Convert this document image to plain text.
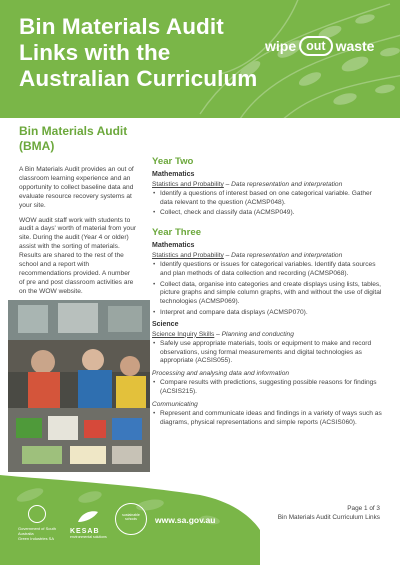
Bin Materials Audit Links with the Australian Curriculum
wipe out waste
Bin Materials Audit (BMA)

A Bin Materials Audit provides an out of classroom learning experience and an opportunity to collect baseline data and evaluate resource recovery systems at your site.

WOW audit staff work with students to audit a days' worth of material from your site. During the audit (Year 4 or older) assist with the sorting of materials. Results are shared to the rest of the school and a report with recommendations provided. A number of pre and post classroom activities are on the WOW website.

Year Two
Mathematics
Statistics and Probability – Data representation and interpretation
• Identify a questions of interest based on one categorical variable. Gather data relevant to the question (ACMSP048).
• Collect, check and classify data (ACMSP049).
Year Three
Mathematics
Statistics and Probability – Data representation and interpretation
• Identify questions or issues for categorical variables. Identify data sources and plan methods of data collection and recording (ACMSP068).
• Collect data, organise into categories and create displays using lists, tables, picture graphs and simple column graphs, with and without the use of digital technologies (ACMSP069).
• Interpret and compare data displays (ACMSP070).
Science
Science Inquiry Skills – Planning and conducting
• Safely use appropriate materials, tools or equipment to make and record observations, using formal measurements and digital technologies as appropriate (ACSIS055).
Processing and analysing data and information
• Compare results with predictions, suggesting possible reasons for findings (ACSIS215).
Communicating
• Represent and communicate ideas and findings in a variety of ways such as diagrams, physical representations and simple reports (ACSIS060).
Government of South Australia
Green Industries SA
KESAB
environmental solutions
sustainable schools	www.sa.gov.au
Page 1 of 3
Bin Materials Audit Curriculum Links
